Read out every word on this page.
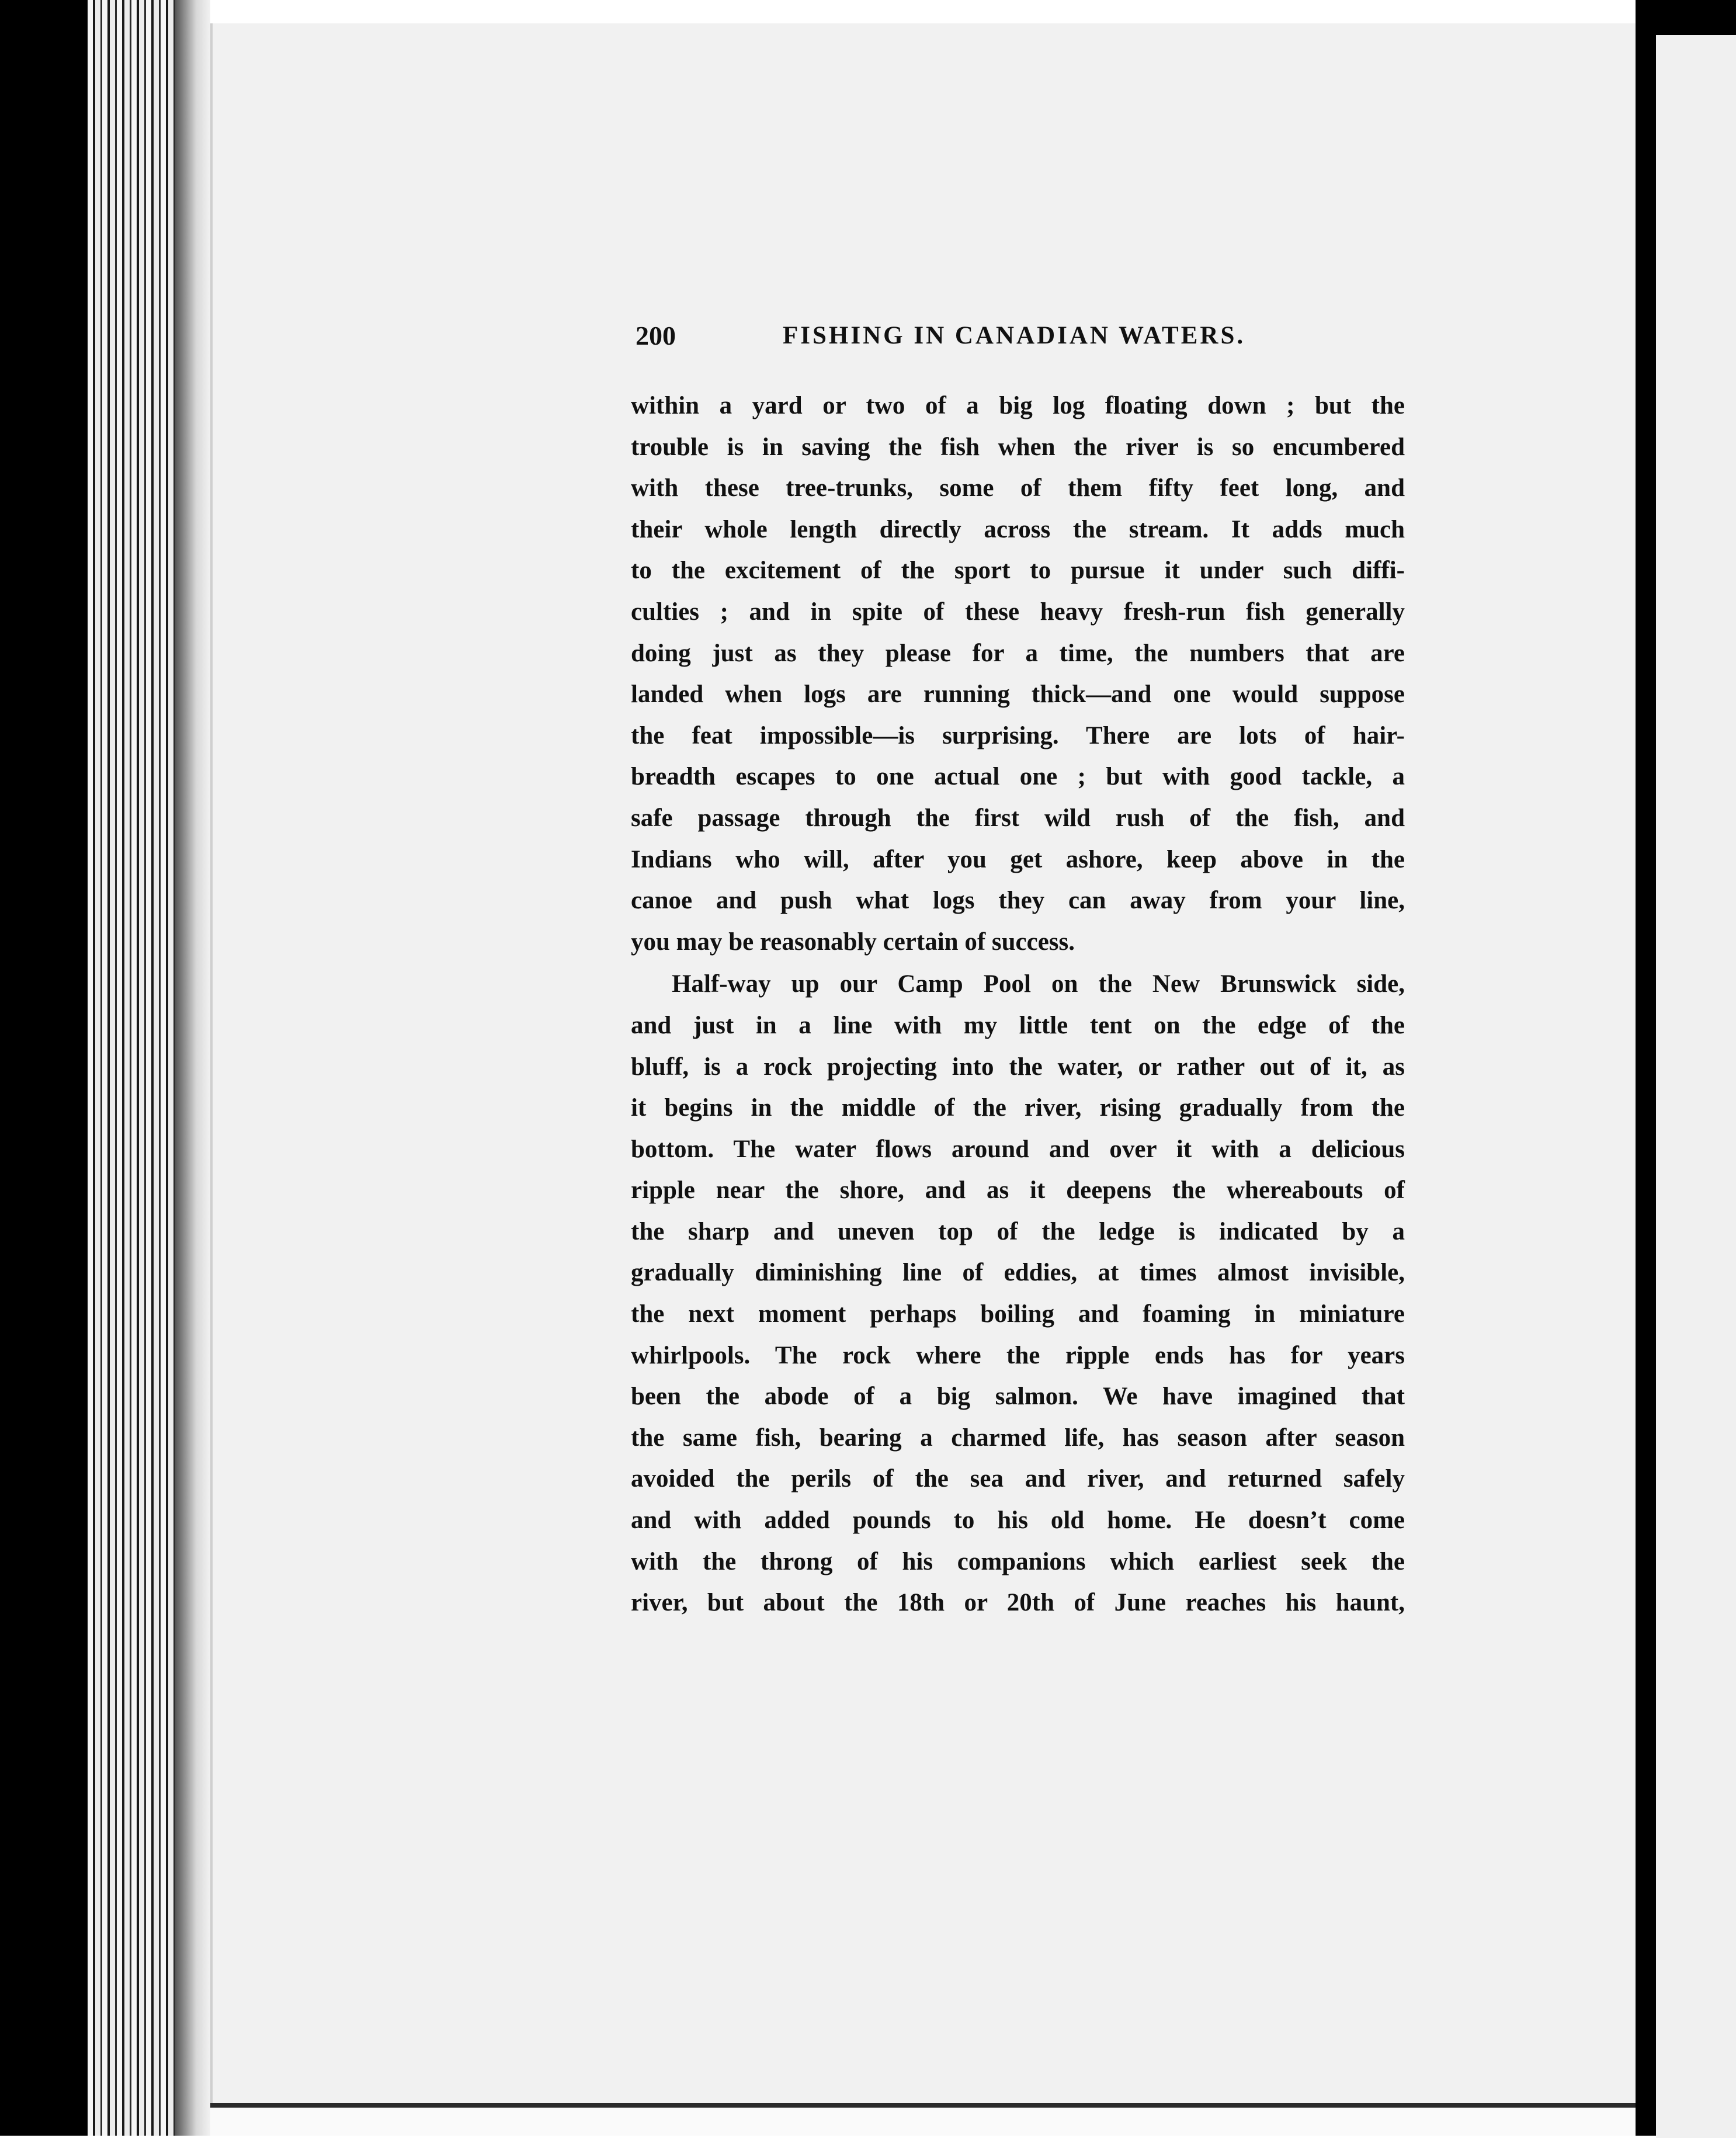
200	FISHING IN CANADIAN WATERS.
within a yard or two of a big log floating down ; but the
trouble is in saving the fish when the river is so encumbered
with these tree-trunks, some of them fifty feet long, and
their whole length directly across the stream. It adds much
to the excitement of the sport to pursue it under such diffi-
culties ; and in spite of these heavy fresh-run fish generally
doing just as they please for a time, the numbers that are
landed when logs are running thick—and one would suppose
the feat impossible—is surprising. There are lots of hair-
breadth escapes to one actual one ; but with good tackle, a
safe passage through the first wild rush of the fish, and
Indians who will, after you get ashore, keep above in the
canoe and push what logs they can away from your line,
you may be reasonably certain of success.
Half-way up our Camp Pool on the New Brunswick side,
and just in a line with my little tent on the edge of the
bluff, is a rock projecting into the water, or rather out of it, as
it begins in the middle of the river, rising gradually from the
bottom. The water flows around and over it with a delicious
ripple near the shore, and as it deepens the whereabouts of
the sharp and uneven top of the ledge is indicated by a
gradually diminishing line of eddies, at times almost invisible,
the next moment perhaps boiling and foaming in miniature
whirlpools. The rock where the ripple ends has for years
been the abode of a big salmon. We have imagined that
the same fish, bearing a charmed life, has season after season
avoided the perils of the sea and river, and returned safely
and with added pounds to his old home. He doesn’t come
with the throng of his companions which earliest seek the
river, but about the 18th or 20th of June reaches his haunt,
